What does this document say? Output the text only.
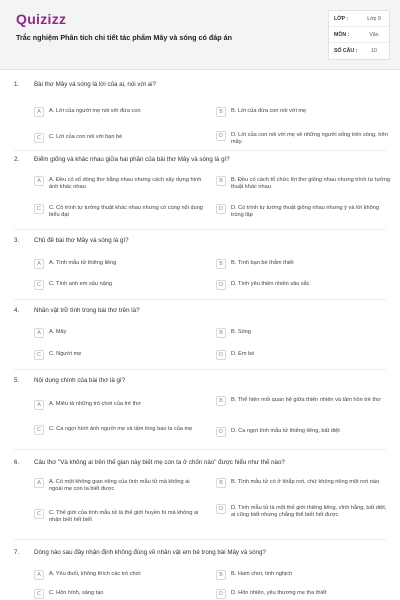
Quizizz
Trắc nghiệm Phân tích chi tiết tác phẩm Mây và sóng có đáp án
LỚP :	Lớp 9
MÔN :	Văn
SỐ CÂU :	10
1. Bài thơ Mây và sóng là lời của ai, nói với ai?
A	A. Lời của người mẹ nói với đứa con	B	B. Lời của đứa con nói với mẹ
C	C. Lời của con nói với bạn bè	D	D. Lời của con nói với mẹ về những người sống trên sóng, trên mây.
2. Điểm giống và khác nhau giữa hai phần của bài thơ Mây và sóng là gì?
A	A. Đều có số dòng thơ bằng nhau nhưng cách xây dựng hình ảnh khác nhau
B	B. Đều có cách tổ chức lời thơ giống nhau nhưng trình tự tưởng thuật khác nhau
C	C. Có trình tự tưởng thuật khác nhau nhưng có cùng nội dung biểu đạt
D	D. Có trình tự tường thuật giống nhau nhưng ý và lời không trùng lặp
3. Chủ đề bài thơ Mây và sóng là gì?
A	A. Tình mẫu tử thiêng liêng	B	B. Tình bạn bè thắm thiết
C	C. Tình anh em sâu nặng	D	D. Tình yêu thiên nhiên sâu sắc
4. Nhân vật trữ tình trong bài thơ trên là?
A	A. Mây	B	B. Sóng
C	C. Người mẹ	D	D. Em bé
5. Nội dung chính của bài thơ là gì?
A	A. Miêu tả những trò chơi của trẻ thơ	B	B. Thể hiện mối quan hệ giữa thiên nhiên và tâm hồn trẻ thơ
C	C. Ca ngợi hình ảnh người mẹ và tấm lòng bao la của mẹ	D	D. Ca ngợi tình mẫu tử thiêng liêng, bất diệt
6. Câu thơ "Và không ai trên thế gian này biết mẹ con ta ở chốn nào" được hiểu như thế nào?
A	A. Có một không gian riêng của tình mẫu tử mà không ai ngoài mẹ con ta biết được
B	B. Tình mẫu tử có ở khắp nơi, chứ không riêng một nơi nào
C	C. Thế giới của tình mẫu tử là thế giới huyền bí mà không ai nhận biết hết biết
D	D. Tình mẫu tử là một thế giới thiêng liêng, vĩnh hằng, bất diệt, ai cũng biết nhưng chẳng thể biết hết được
7. Dòng nào sau đây nhận định không đúng về nhân vật em bé trong bài Mây và sóng?
A	A. Yếu đuối, không thích các trò chơi	B	B. Ham chơi, tinh nghịch
C	C. Hồn hính, sáng tạo	D	D. Hồn nhiên, yêu thương mẹ tha thiết
